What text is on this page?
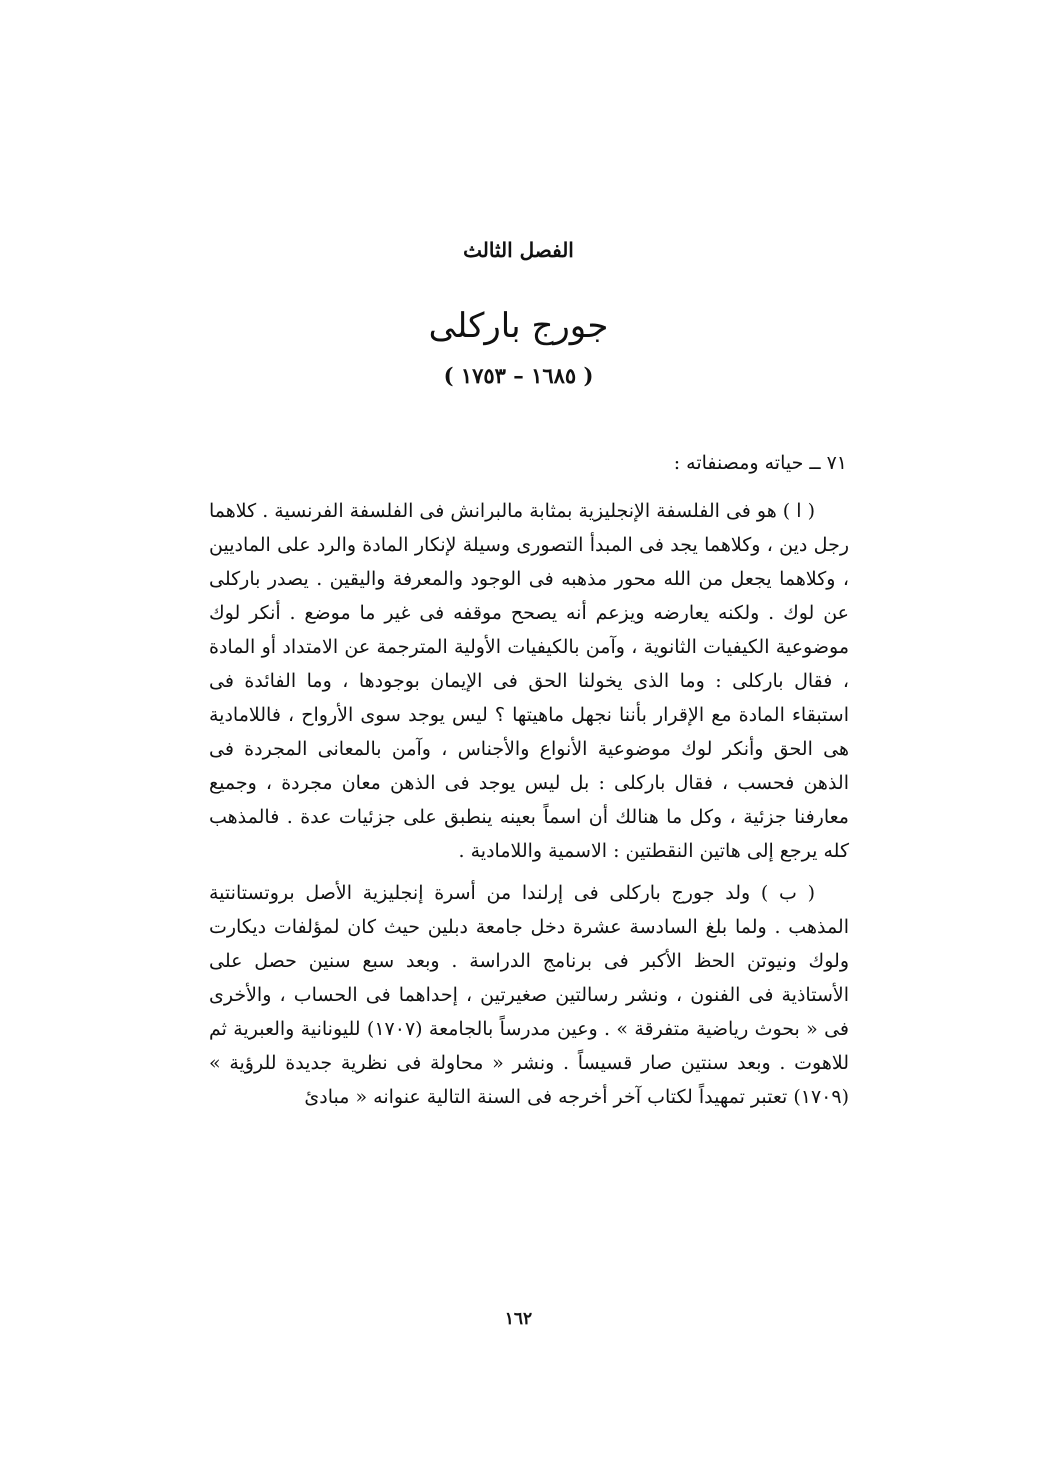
الفصل الثالث
جورج باركلى
( ١٦٨٥ – ١٧٥٣ )
٧١ ــ حياته ومصنفاته :

( ا ) هو فى الفلسفة الإنجليزية بمثابة مالبرانش فى الفلسفة الفرنسية . كلاهما رجل دين ، وكلاهما يجد فى المبدأ التصورى وسيلة لإنكار المادة والرد على الماديين ، وكلاهما يجعل من الله محور مذهبه فى الوجود والمعرفة واليقين . يصدر باركلى عن لوك . ولكنه يعارضه ويزعم أنه يصحح موقفه فى غير ما موضع . أنكر لوك موضوعية الكيفيات الثانوية ، وآمن بالكيفيات الأولية المترجمة عن الامتداد أو المادة ، فقال باركلى : وما الذى يخولنا الحق فى الإيمان بوجودها ، وما الفائدة فى استبقاء المادة مع الإقرار بأننا نجهل ماهيتها ؟ ليس يوجد سوى الأرواح ، فاللامادية هى الحق وأنكر لوك موضوعية الأنواع والأجناس ، وآمن بالمعانى المجردة فى الذهن فحسب ، فقال باركلى : بل ليس يوجد فى الذهن معان مجردة ، وجميع معارفنا جزئية ، وكل ما هنالك أن اسماً بعينه ينطبق على جزئيات عدة . فالمذهب كله يرجع إلى هاتين النقطتين : الاسمية واللامادية .

( ب ) ولد جورج باركلى فى إرلندا من أسرة إنجليزية الأصل بروتستانتية المذهب . ولما بلغ السادسة عشرة دخل جامعة دبلين حيث كان لمؤلفات ديكارت ولوك ونيوتن الحظ الأكبر فى برنامج الدراسة . وبعد سبع سنين حصل على الأستاذية فى الفنون ، ونشر رسالتين صغيرتين ، إحداهما فى الحساب ، والأخرى فى « بحوث رياضية متفرقة » . وعين مدرساً بالجامعة (١٧٠٧) لليونانية والعبرية ثم للاهوت . وبعد سنتين صار قسيساً . ونشر « محاولة فى نظرية جديدة للرؤية » (١٧٠٩) تعتبر تمهيداً لكتاب آخر أخرجه فى السنة التالية عنوانه « مبادئ

١٦٢
